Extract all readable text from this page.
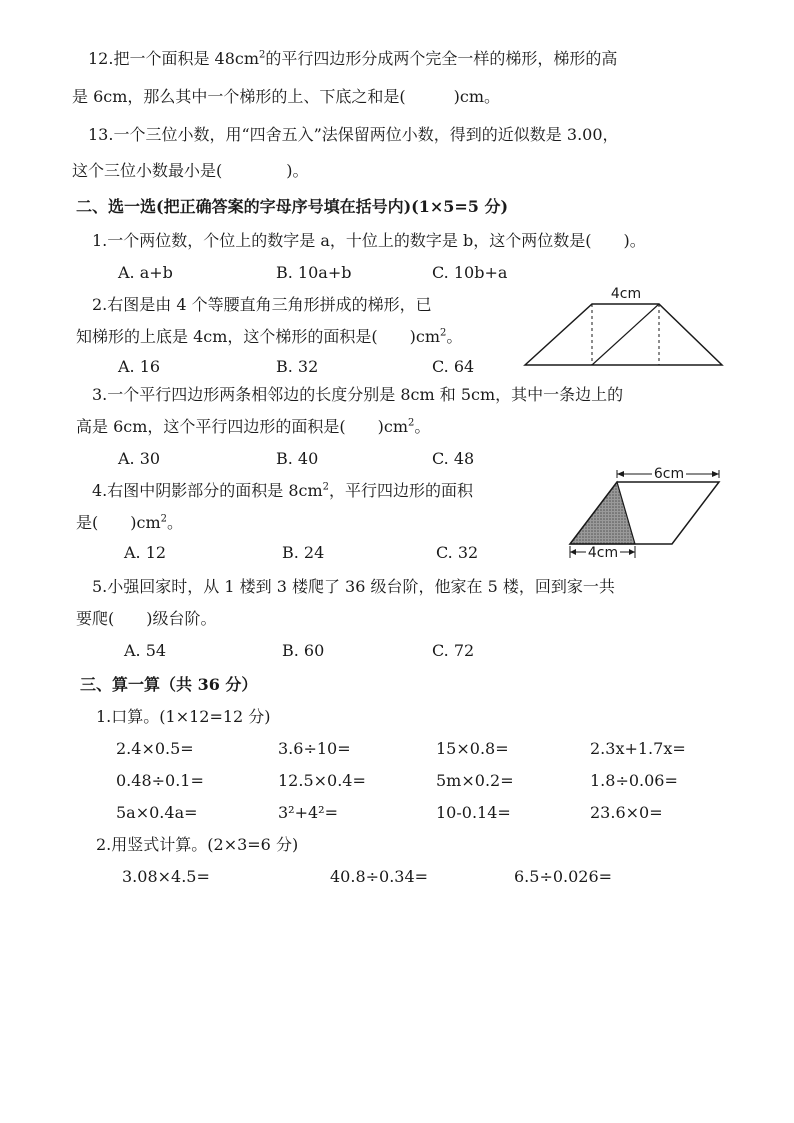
12.把一个面积是 $48cm^2$的平行四边形分成两个完全一样的梯形，梯形的高
是 6cm，那么其中一个梯形的上、下底之和是(　　　)cm。
13.一个三位小数，用“四舍五入”法保留两位小数，得到的近似数是 3.00，
这个三位小数最小是(　　　　)。
二、选一选(把正确答案的字母序号填在括号内)(1×5=5 分)
1.一个两位数，个位上的数字是 a，十位上的数字是 b，这个两位数是(　　)。
A. a+b	B. 10a+b	C. 10b+a
2.右图是由 4 个等腰直角三角形拼成的梯形，已
知梯形的上底是 4cm，这个梯形的面积是(　　)$cm^2$。
A. 16	B. 32	C. 64
4cm
3.一个平行四边形两条相邻边的长度分别是 8cm 和 5cm，其中一条边上的
高是 6cm，这个平行四边形的面积是(　　)$cm^2$。
A. 30	B. 40	C. 48
4.右图中阴影部分的面积是 $8cm^2$，平行四边形的面积
是(　　)$cm^2$。
A. 12	B. 24	C. 32
6cm
4cm
5.小强回家时，从 1 楼到 3 楼爬了 36 级台阶，他家在 5 楼，回到家一共
要爬(　　)级台阶。
A. 54	B. 60	C. 72
三、算一算（共 36 分）
1.口算。(1×12=12 分)
2.4×0.5=	3.6÷10=	15×0.8=	2.3x+1.7x=
0.48÷0.1=	12.5×0.4=	5m×0.2=	1.8÷0.06=
5a×0.4a=	3²+4²=	10-0.14=	23.6×0=
2.用竖式计算。(2×3=6 分)
3.08×4.5=	40.8÷0.34=	6.5÷0.026=
